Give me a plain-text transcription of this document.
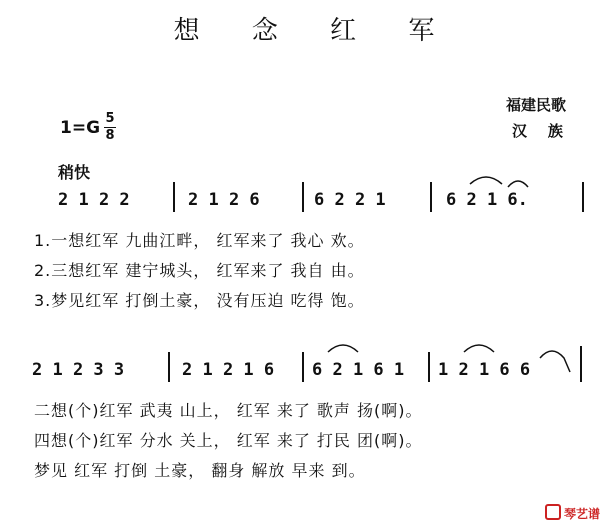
想 念 红 军
福建民歌
汉    族
1=G 5
8
稍快
2 1 2 2	2 1 2 6	6 2 2 1	6 2 1 6.
1.一想红军 九曲江畔， 红军来了 我心 欢。
2.三想红军 建宁城头， 红军来了 我自 由。
3.梦见红军 打倒土豪， 没有压迫 吃得 饱。
2 1 2 3 3	2 1 2 1 6 6 2 1 6 1 1 2 1 6 6
二想(个)红军 武夷 山上， 红军 来了 歌声 扬(啊)。
四想(个)红军 分水 关上， 红军 来了 打民 团(啊)。
梦见 红军 打倒 土豪， 翻身 解放 早来 到。
琴艺谱
